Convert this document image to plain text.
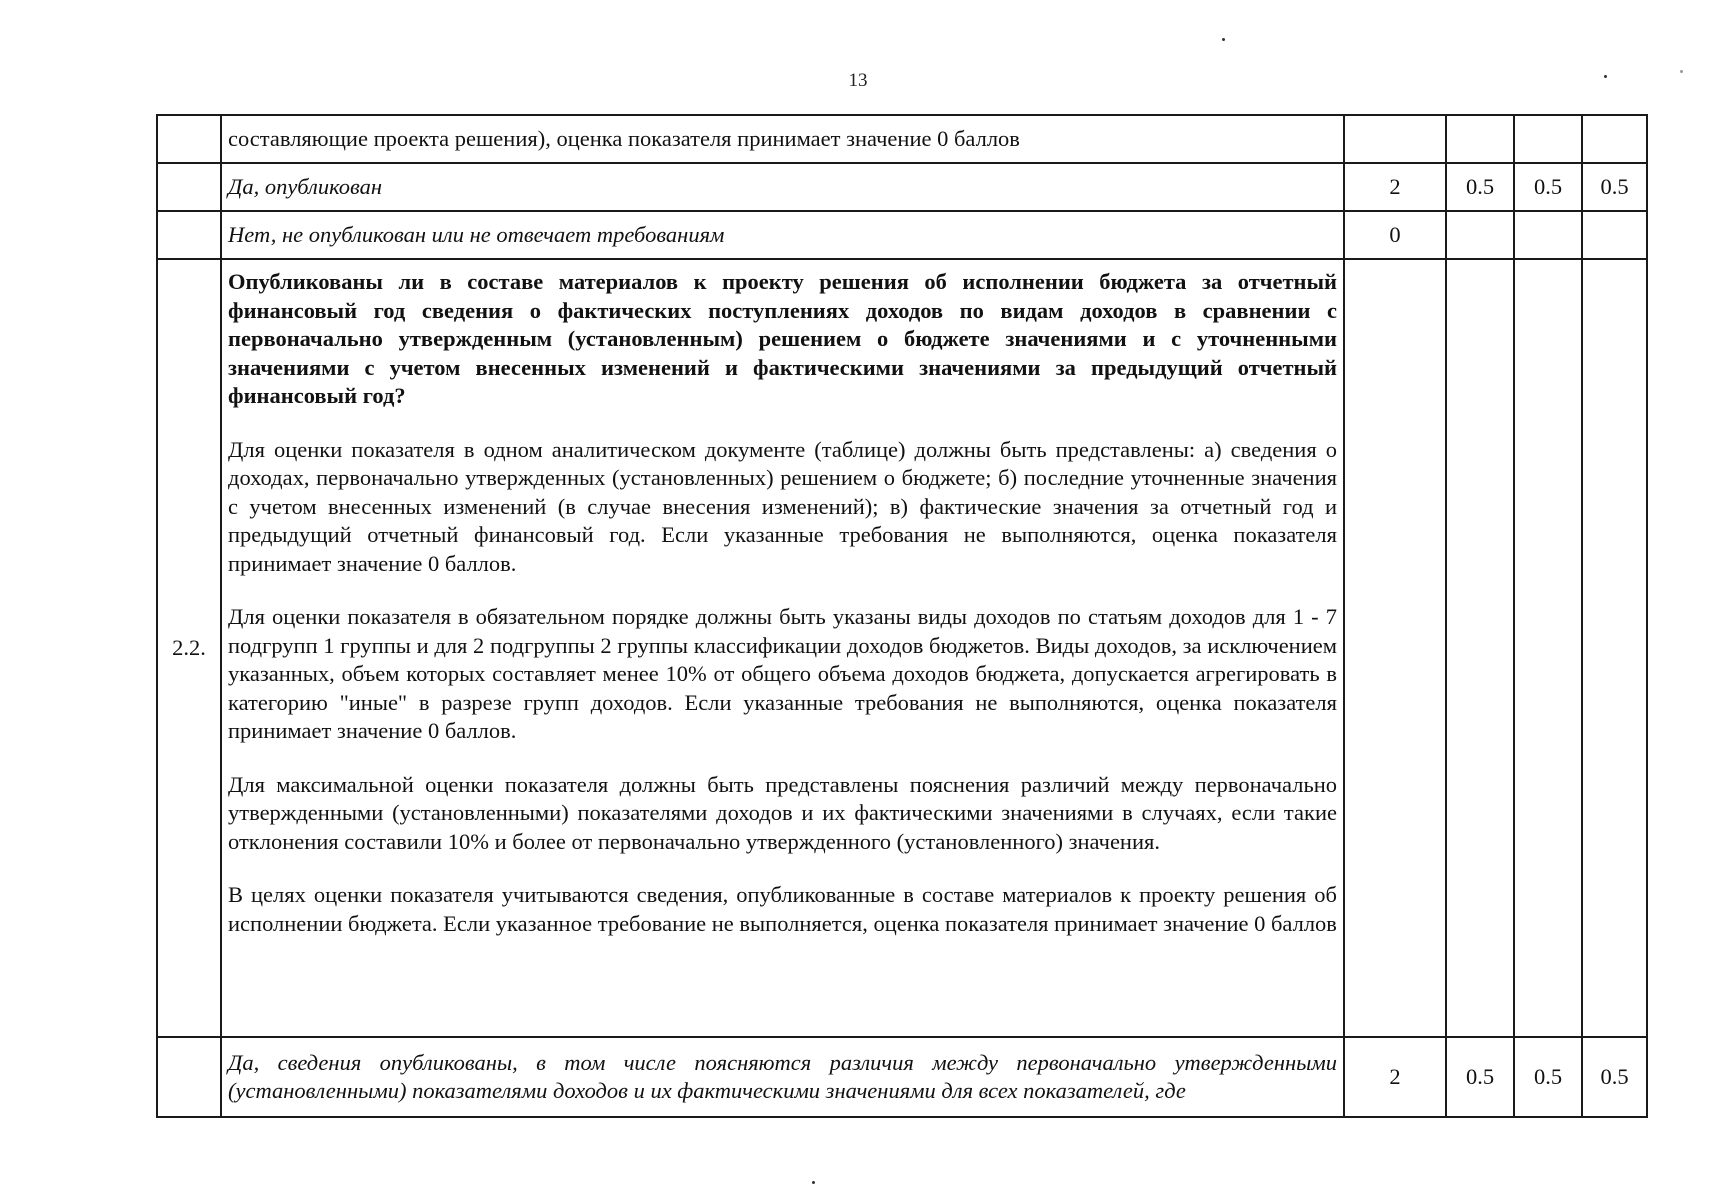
13
	составляющие проекта решения), оценка показателя принимает значение 0 баллов				
	Да, опубликован	2	0.5	0.5	0.5
	Нет, не опубликован или не отвечает требованиям	0			
2.2.	Опубликованы ли в составе материалов к проекту решения об исполнении бюджета за отчетный финансовый год сведения о фактических поступлениях доходов по видам доходов в сравнении с первоначально утвержденным (установленным) решением о бюджете значениями и с уточненными значениями с учетом внесенных изменений и фактическими значениями за предыдущий отчетный финансовый год?

Для оценки показателя в одном аналитическом документе (таблице) должны быть представлены: а) сведения о доходах, первоначально утвержденных (установленных) решением о бюджете; б) последние уточненные значения с учетом внесенных изменений (в случае внесения изменений); в) фактические значения за отчетный год и предыдущий отчетный финансовый год. Если указанные требования не выполняются, оценка показателя принимает значение 0 баллов.

Для оценки показателя в обязательном порядке должны быть указаны виды доходов по статьям доходов для 1 - 7 подгрупп 1 группы и для 2 подгруппы 2 группы классификации доходов бюджетов. Виды доходов, за исключением указанных, объем которых составляет менее 10% от общего объема доходов бюджета, допускается агрегировать в категорию "иные" в разрезе групп доходов. Если указанные требования не выполняются, оценка показателя принимает значение 0 баллов.

Для максимальной оценки показателя должны быть представлены пояснения различий между первоначально утвержденными (установленными) показателями доходов и их фактическими значениями в случаях, если такие отклонения составили 10% и более от первоначально утвержденного (установленного) значения.

В целях оценки показателя учитываются сведения, опубликованные в составе материалов к проекту решения об исполнении бюджета. Если указанное требование не выполняется, оценка показателя принимает значение 0 баллов				

	Да, сведения опубликованы, в том числе поясняются различия между первоначально утвержденными (установленными) показателями доходов и их фактическими значениями для всех показателей, где	2	0.5	0.5	0.5
